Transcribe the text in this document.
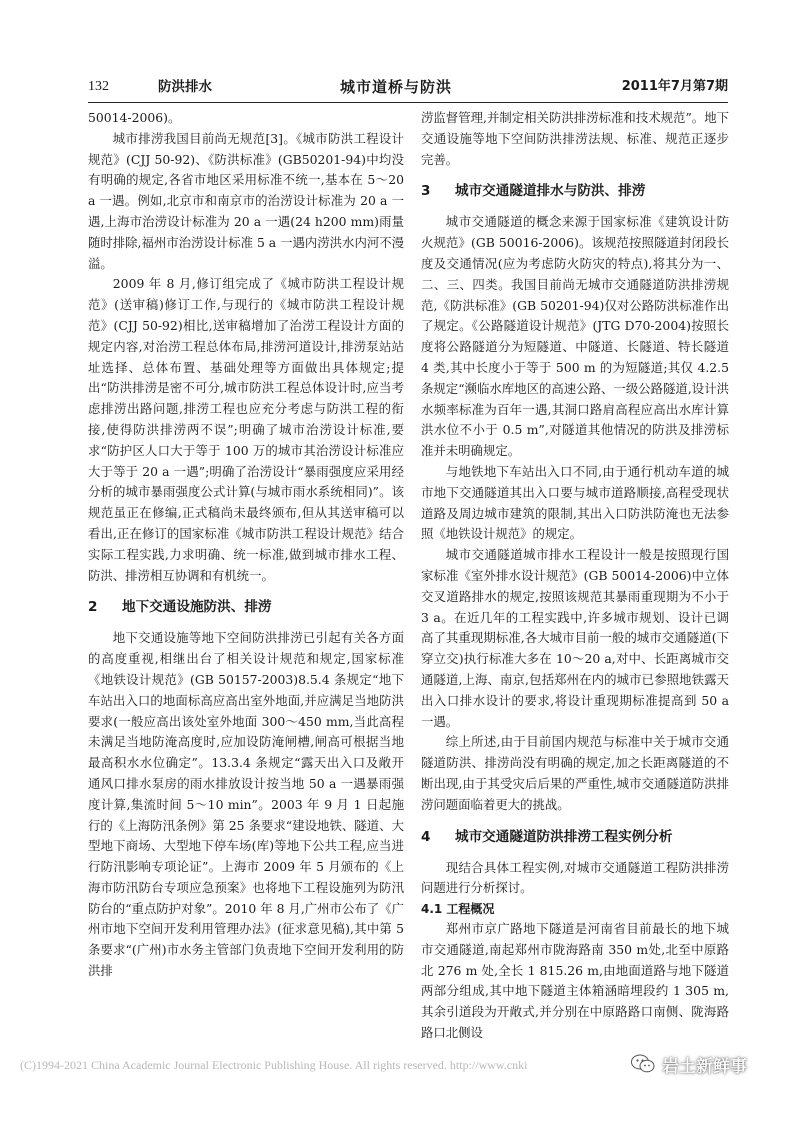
132	防洪排水	城市道桥与防洪	2011年7月第7期

50014-2006)。

城市排涝我国目前尚无规范[3]。《城市防洪工程设计规范》(CJJ 50-92)、《防洪标准》(GB50201-94)中均没有明确的规定,各省市地区采用标准不统一,基本在 5～20 a 一遇。例如,北京市和南京市的治涝设计标准为 20 a 一遇,上海市治涝设计标准为 20 a 一遇(24 h200 mm)雨量随时排除,福州市治涝设计标准 5 a 一遇内涝洪水内河不漫溢。

2009 年 8 月,修订组完成了《城市防洪工程设计规范》(送审稿)修订工作,与现行的《城市防洪工程设计规范》(CJJ 50-92)相比,送审稿增加了治涝工程设计方面的规定内容,对治涝工程总体布局,排涝河道设计,排涝泵站站址选择、总体布置、基础处理等方面做出具体规定;提出“防洪排涝是密不可分,城市防洪工程总体设计时,应当考虑排涝出路问题,排涝工程也应充分考虑与防洪工程的衔接,使得防洪排涝两不误”;明确了城市治涝设计标准,要求“防护区人口大于等于 100 万的城市其治涝设计标准应大于等于 20 a 一遇”;明确了治涝设计“暴雨强度应采用经分析的城市暴雨强度公式计算(与城市雨水系统相同)”。该规范虽正在修编,正式稿尚未最终颁布,但从其送审稿可以看出,正在修订的国家标准《城市防洪工程设计规范》结合实际工程实践,力求明确、统一标准,做到城市排水工程、防洪、排涝相互协调和有机统一。

2 地下交通设施防洪、排涝

地下交通设施等地下空间防洪排涝已引起有关各方面的高度重视,相继出台了相关设计规范和规定,国家标准《地铁设计规范》(GB 50157-2003)8.5.4 条规定“地下车站出入口的地面标高应高出室外地面,并应满足当地防洪要求(一般应高出该处室外地面 300～450 mm,当此高程未满足当地防淹高度时,应加设防淹闸槽,闸高可根据当地最高积水水位确定”。13.3.4 条规定“露天出入口及敞开通风口排水泵房的雨水排放设计按当地 50 a 一遇暴雨强度计算,集流时间 5～10 min”。2003 年 9 月 1 日起施行的《上海防汛条例》第 25 条要求“建设地铁、隧道、大型地下商场、大型地下停车场(库)等地下公共工程,应当进行防汛影响专项论证”。上海市 2009 年 5 月颁布的《上海市防汛防台专项应急预案》也将地下工程设施列为防汛防台的“重点防护对象”。2010 年 8 月,广州市公布了《广州市地下空间开发利用管理办法》(征求意见稿),其中第 5 条要求“(广州)市水务主管部门负责地下空间开发利用的防洪排

涝监督管理,并制定相关防洪排涝标准和技术规范”。地下交通设施等地下空间防洪排涝法规、标准、规范正逐步完善。

3 城市交通隧道排水与防洪、排涝

城市交通隧道的概念来源于国家标准《建筑设计防火规范》(GB 50016-2006)。该规范按照隧道封闭段长度及交通情况(应为考虑防火防灾的特点),将其分为一、二、三、四类。我国目前尚无城市交通隧道防洪排涝规范,《防洪标准》(GB 50201-94)仅对公路防洪标准作出了规定。《公路隧道设计规范》(JTG D70-2004)按照长度将公路隧道分为短隧道、中隧道、长隧道、特长隧道 4 类,其中长度小于等于 500 m 的为短隧道;其仅 4.2.5 条规定“濒临水库地区的高速公路、一级公路隧道,设计洪水频率标准为百年一遇,其洞口路肩高程应高出水库计算洪水位不小于 0.5 m”,对隧道其他情况的防洪及排涝标准并未明确规定。

与地铁地下车站出入口不同,由于通行机动车道的城市地下交通隧道其出入口要与城市道路顺接,高程受现状道路及周边城市建筑的限制,其出入口防洪防淹也无法参照《地铁设计规范》的规定。

城市交通隧道城市排水工程设计一般是按照现行国家标准《室外排水设计规范》(GB 50014-2006)中立体交叉道路排水的规定,按照该规范其暴雨重现期为不小于 3 a。在近几年的工程实践中,许多城市规划、设计已调高了其重现期标准,各大城市目前一般的城市交通隧道(下穿立交)执行标准大多在 10～20 a,对中、长距离城市交通隧道,上海、南京,包括郑州在内的城市已参照地铁露天出入口排水设计的要求,将设计重现期标准提高到 50 a 一遇。

综上所述,由于目前国内规范与标准中关于城市交通隧道防洪、排涝尚没有明确的规定,加之长距离隧道的不断出现,由于其受灾后后果的严重性,城市交通隧道防洪排涝问题面临着更大的挑战。

4 城市交通隧道防洪排涝工程实例分析

现结合具体工程实例,对城市交通隧道工程防洪排涝问题进行分析探讨。

4.1 工程概况

郑州市京广路地下隧道是河南省目前最长的地下城市交通隧道,南起郑州市陇海路南 350 m处,北至中原路北 276 m 处,全长 1 815.26 m,由地面道路与地下隧道两部分组成,其中地下隧道主体箱涵暗埋段约 1 305 m,其余引道段为开敞式,并分别在中原路路口南侧、陇海路路口北侧设

(C)1994-2021 China Academic Journal Electronic Publishing House. All rights reserved. http://www.cnki	岩土新鲜事
